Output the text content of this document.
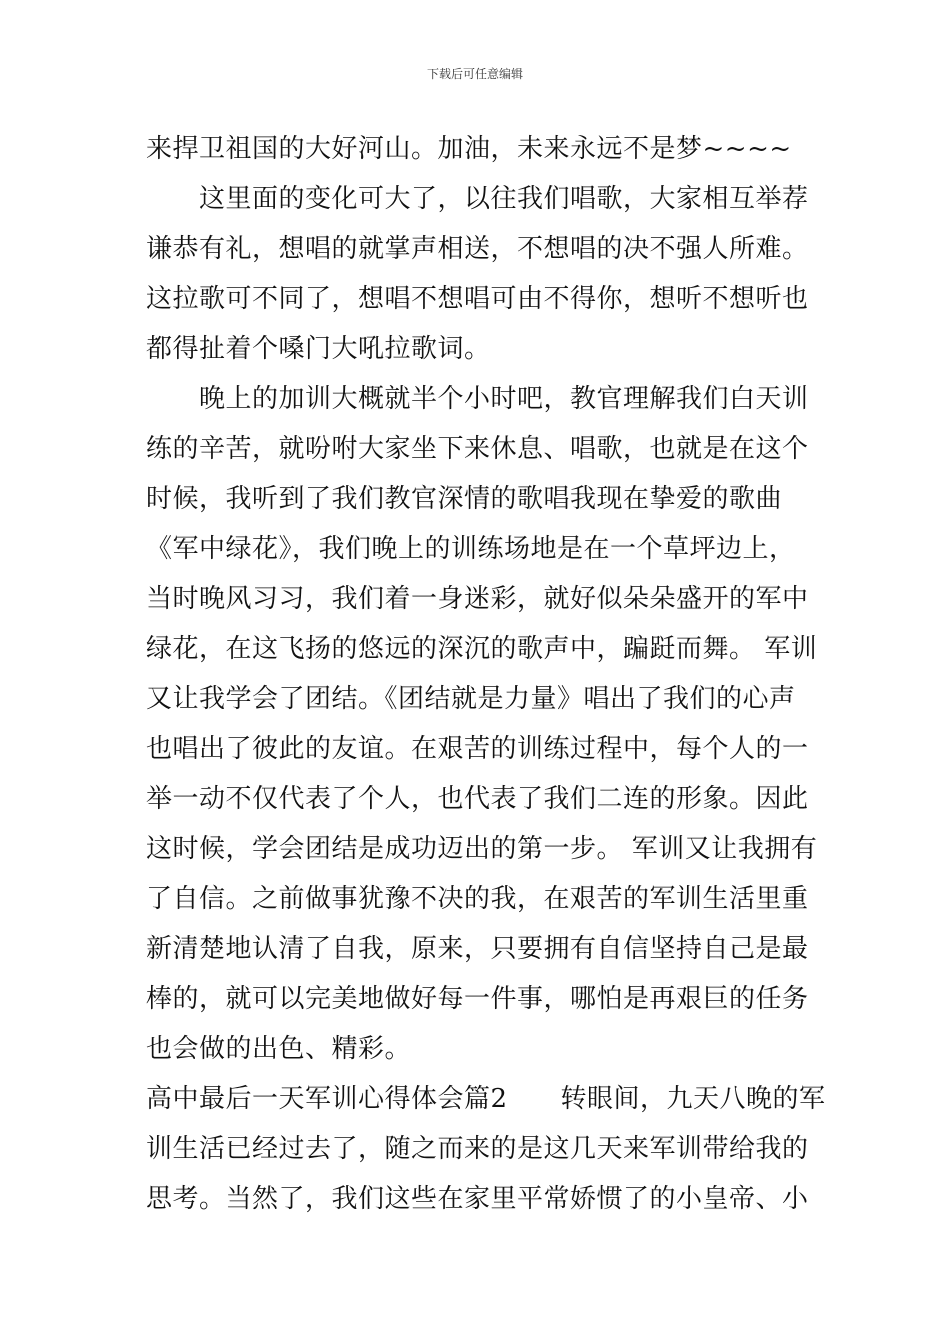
下载后可任意编辑
来捍卫祖国的大好河山。加油，未来永远不是梦~~~~
　　这里面的变化可大了，以往我们唱歌，大家相互举荐
谦恭有礼，想唱的就掌声相送，不想唱的决不强人所难。
这拉歌可不同了，想唱不想唱可由不得你，想听不想听也
都得扯着个嗓门大吼拉歌词。
　　晚上的加训大概就半个小时吧，教官理解我们白天训
练的辛苦，就吩咐大家坐下来休息、唱歌，也就是在这个
时候，我听到了我们教官深情的歌唱我现在挚爱的歌曲
《军中绿花》，我们晚上的训练场地是在一个草坪边上，
当时晚风习习，我们着一身迷彩，就好似朵朵盛开的军中
绿花，在这飞扬的悠远的深沉的歌声中，蹁跹而舞。 军训
又让我学会了团结。《团结就是力量》唱出了我们的心声
也唱出了彼此的友谊。在艰苦的训练过程中，每个人的一
举一动不仅代表了个人，也代表了我们二连的形象。因此
这时候，学会团结是成功迈出的第一步。 军训又让我拥有
了自信。之前做事犹豫不决的我，在艰苦的军训生活里重
新清楚地认清了自我，原来，只要拥有自信坚持自己是最
棒的，就可以完美地做好每一件事，哪怕是再艰巨的任务
也会做的出色、精彩。
高中最后一天军训心得体会篇2　　转眼间，九天八晚的军
训生活已经过去了，随之而来的是这几天来军训带给我的
思考。当然了，我们这些在家里平常娇惯了的小皇帝、小
